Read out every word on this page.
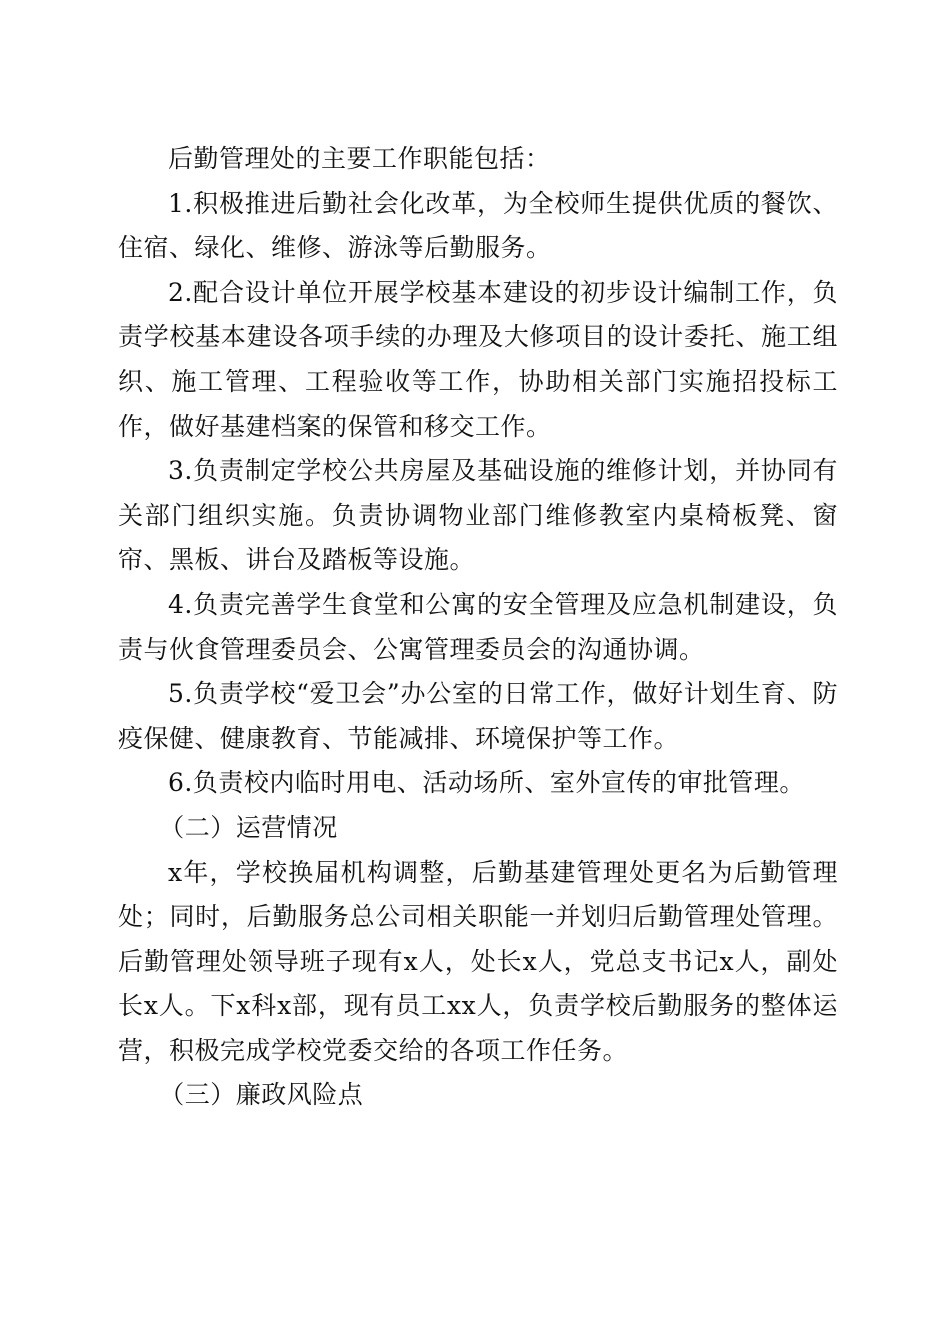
后勤管理处的主要工作职能包括：

1.积极推进后勤社会化改革，为全校师生提供优质的餐饮、住宿、绿化、维修、游泳等后勤服务。

2.配合设计单位开展学校基本建设的初步设计编制工作，负责学校基本建设各项手续的办理及大修项目的设计委托、施工组织、施工管理、工程验收等工作，协助相关部门实施招投标工作，做好基建档案的保管和移交工作。

3.负责制定学校公共房屋及基础设施的维修计划，并协同有关部门组织实施。负责协调物业部门维修教室内桌椅板凳、窗帘、黑板、讲台及踏板等设施。

4.负责完善学生食堂和公寓的安全管理及应急机制建设，负责与伙食管理委员会、公寓管理委员会的沟通协调。

5.负责学校“爱卫会”办公室的日常工作，做好计划生育、防疫保健、健康教育、节能减排、环境保护等工作。

6.负责校内临时用电、活动场所、室外宣传的审批管理。

（二）运营情况

x年，学校换届机构调整，后勤基建管理处更名为后勤管理处；同时，后勤服务总公司相关职能一并划归后勤管理处管理。后勤管理处领导班子现有x人，处长x人，党总支书记x人，副处长x人。下x科x部，现有员工xx人，负责学校后勤服务的整体运营，积极完成学校党委交给的各项工作任务。

（三）廉政风险点
